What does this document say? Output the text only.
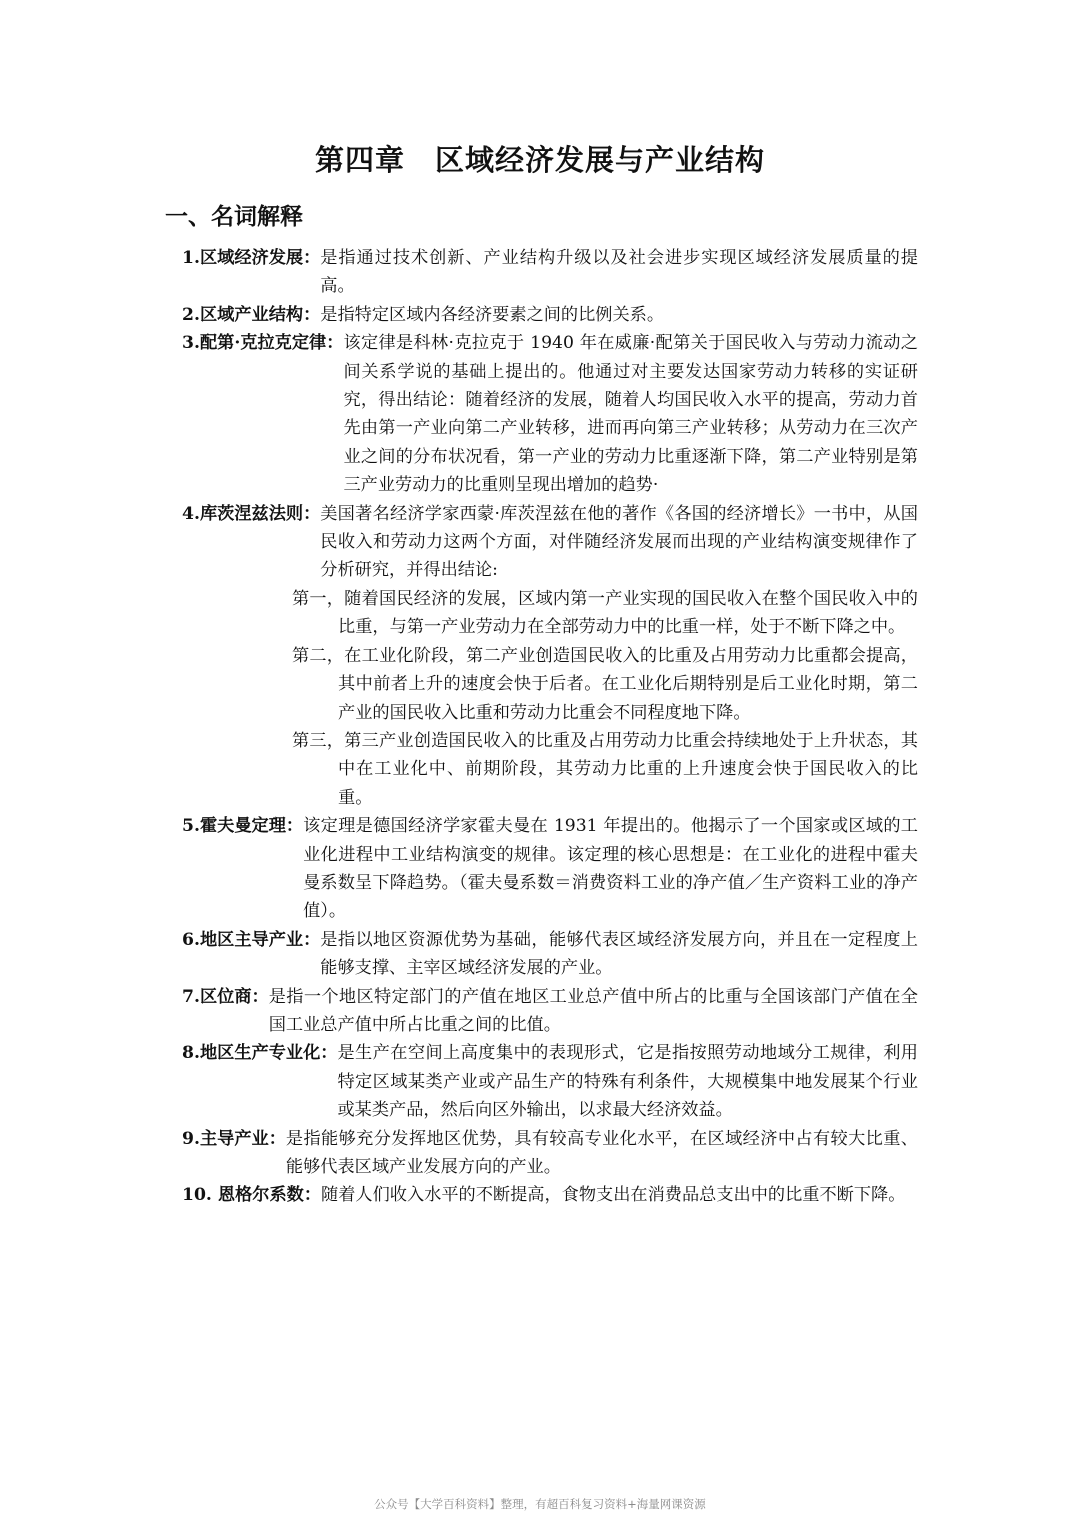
第四章　区域经济发展与产业结构
一、名词解释
1.区域经济发展： 是指通过技术创新、产业结构升级以及社会进步实现区域经济发展质量的提高。
2.区域产业结构： 是指特定区域内各经济要素之间的比例关系。
3.配第·克拉克定律： 该定律是科林·克拉克于 1940 年在威廉·配第关于国民收入与劳动力流动之间关系学说的基础上提出的。他通过对主要发达国家劳动力转移的实证研究，得出结论：随着经济的发展，随着人均国民收入水平的提高，劳动力首先由第一产业向第二产业转移，进而再向第三产业转移；从劳动力在三次产业之间的分布状况看，第一产业的劳动力比重逐渐下降，第二产业特别是第三产业劳动力的比重则呈现出增加的趋势·
4.库茨涅兹法则： 美国著名经济学家西蒙·库茨涅兹在他的著作《各国的经济增长》一书中，从国民收入和劳动力这两个方面，对伴随经济发展而出现的产业结构演变规律作了分析研究，并得出结论:
第一，随着国民经济的发展，区域内第一产业实现的国民收入在整个国民收入中的比重，与第一产业劳动力在全部劳动力中的比重一样，处于不断下降之中。
第二，在工业化阶段，第二产业创造国民收入的比重及占用劳动力比重都会提高，其中前者上升的速度会快于后者。在工业化后期特别是后工业化时期，第二产业的国民收入比重和劳动力比重会不同程度地下降。
第三，第三产业创造国民收入的比重及占用劳动力比重会持续地处于上升状态，其中在工业化中、前期阶段，其劳动力比重的上升速度会快于国民收入的比重。
5.霍夫曼定理： 该定理是德国经济学家霍夫曼在 1931 年提出的。他揭示了一个国家或区域的工业化进程中工业结构演变的规律。该定理的核心思想是：在工业化的进程中霍夫曼系数呈下降趋势。（霍夫曼系数＝消费资料工业的净产值／生产资料工业的净产值）。
6.地区主导产业： 是指以地区资源优势为基础，能够代表区域经济发展方向，并且在一定程度上能够支撑、主宰区域经济发展的产业。
7.区位商： 是指一个地区特定部门的产值在地区工业总产值中所占的比重与全国该部门产值在全国工业总产值中所占比重之间的比值。
8.地区生产专业化： 是生产在空间上高度集中的表现形式，它是指按照劳动地域分工规律，利用特定区域某类产业或产品生产的特殊有利条件，大规模集中地发展某个行业或某类产品，然后向区外输出，以求最大经济效益。
9.主导产业： 是指能够充分发挥地区优势，具有较高专业化水平，在区域经济中占有较大比重、能够代表区域产业发展方向的产业。
10. 恩格尔系数： 随着人们收入水平的不断提高，食物支出在消费品总支出中的比重不断下降。
公众号【大学百科资料】整理，有超百科复习资料+海量网课资源
